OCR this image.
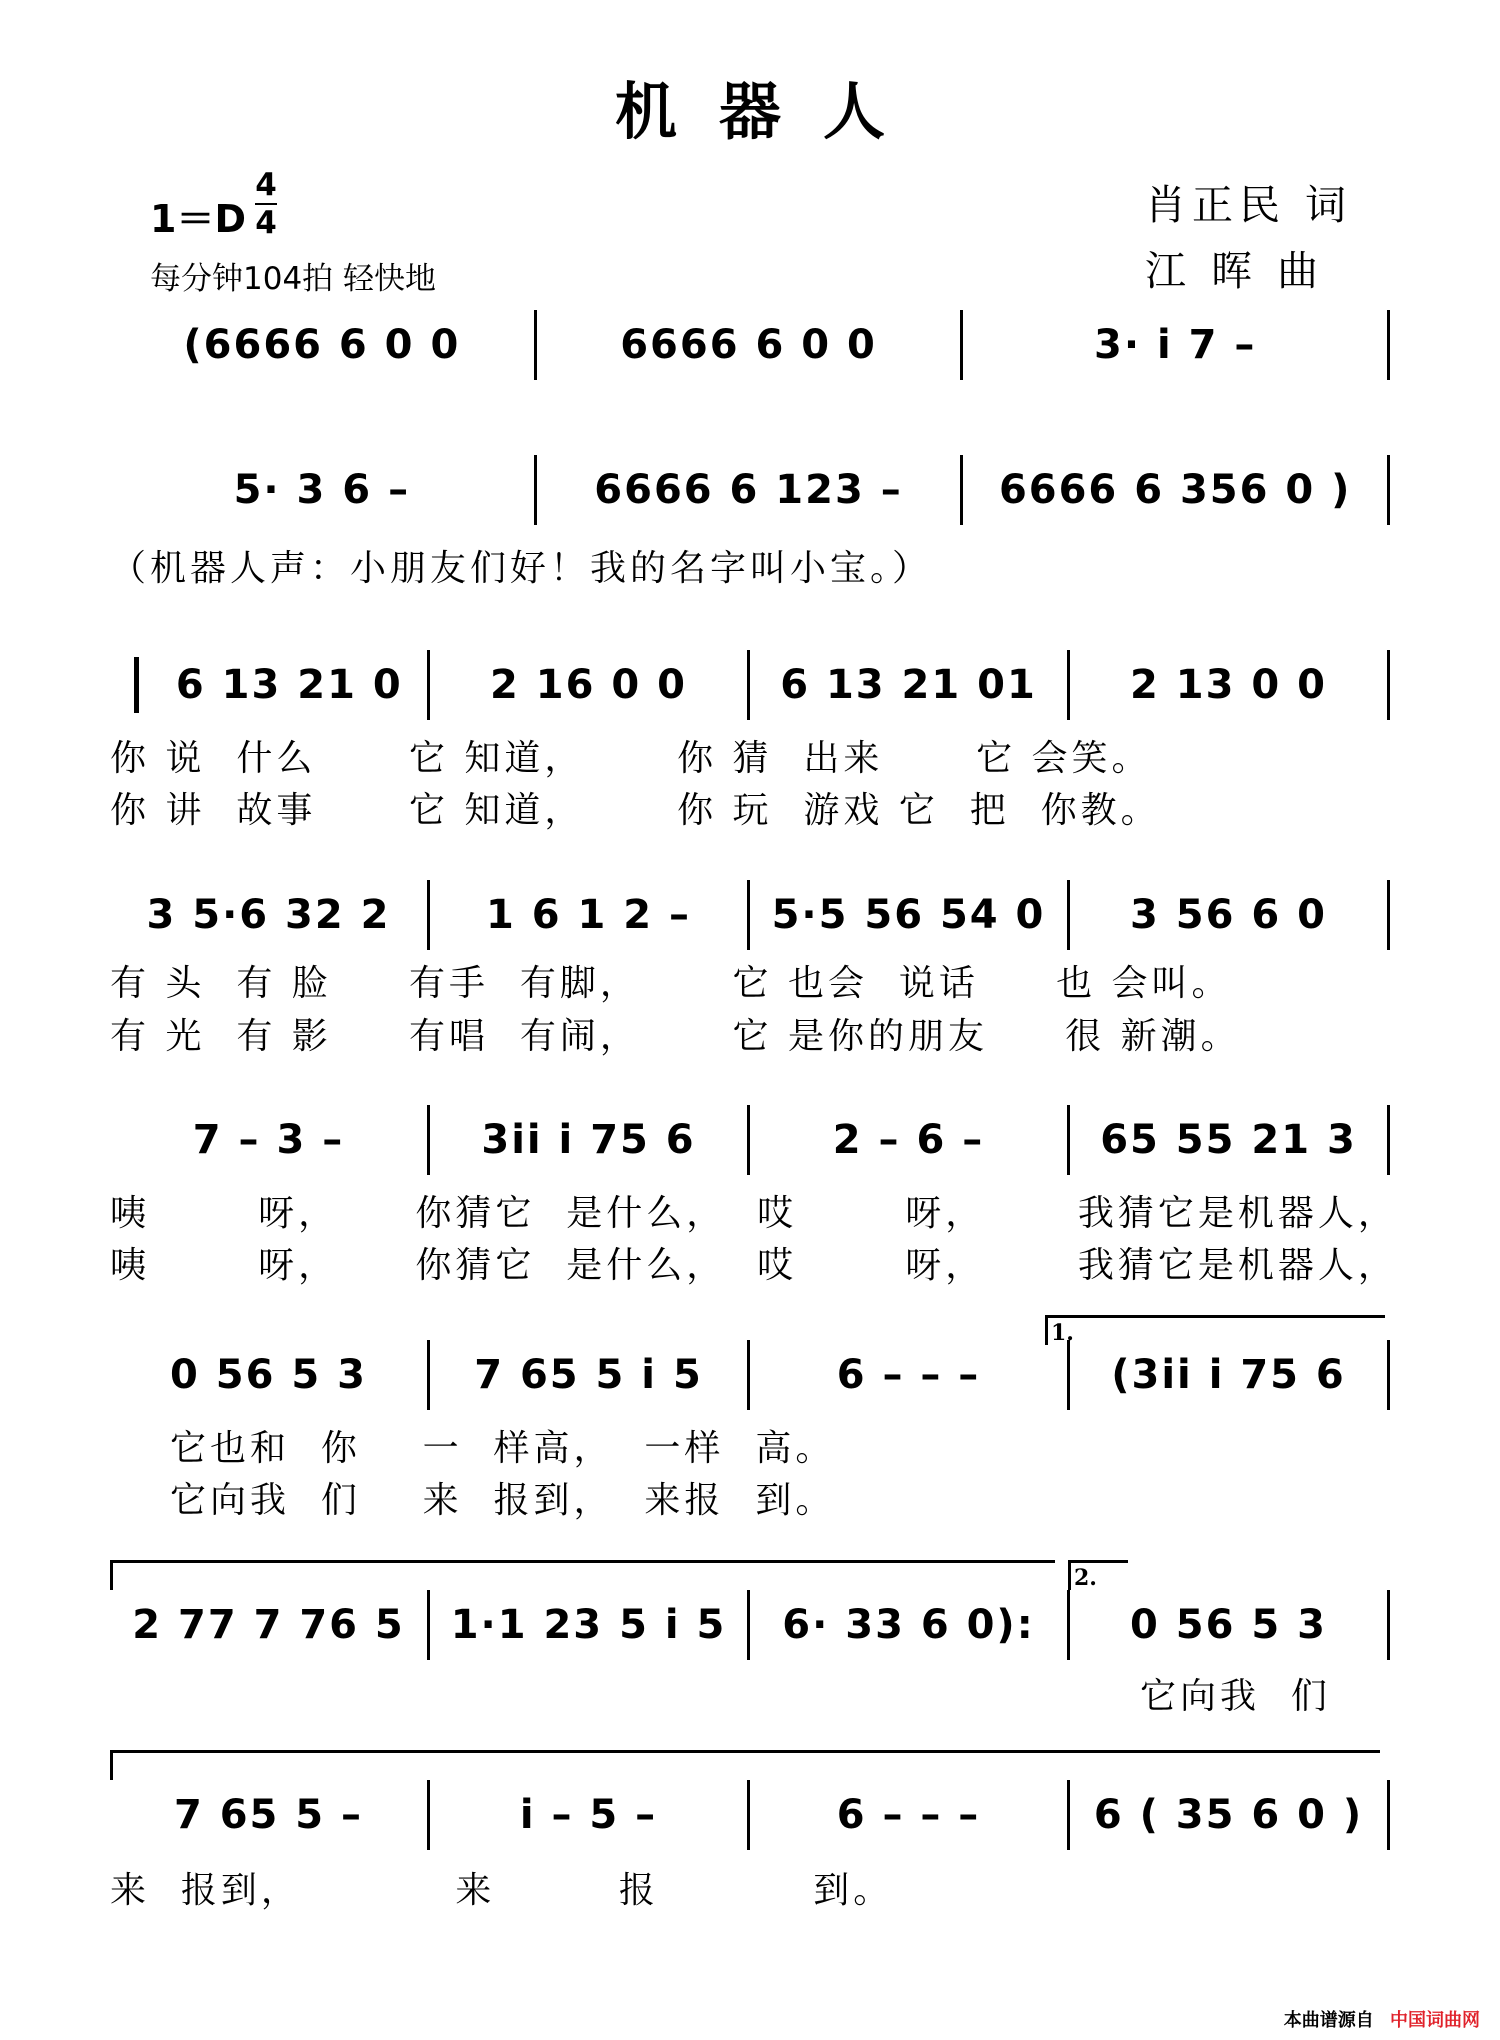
机器人
1＝D
4
4
每分钟104拍 轻快地
肖正民 词
江 晖 曲
(6666 6 0 0	6666 6 0 0	3· i 7 –
5· 3 6 –	6666 6 123 –	6666 6 356 0 )
（机器人声：小朋友们好！我的名字叫小宝。）
6 13 21 0	2 16 0 0	6 13 21 01	2 13 0 0
你 说  什么      它 知道，      你 猜  出来      它 会笑。
你 讲  故事      它 知道，      你 玩  游戏 它  把  你教。
3 5·6 32 2	1 6 1 2 –	5·5 56 54 0	3 56 6 0
有 头  有 脸     有手  有脚，      它 也会  说话     也 会叫。
有 光  有 影     有唱  有闹，      它 是你的朋友     很 新潮。
7 – 3 –	3ii i 75 6	2 – 6 –	65 55 21 3
咦       呀，     你猜它  是什么，  哎       呀，      我猜它是机器人，
咦       呀，     你猜它  是什么，  哎       呀，      我猜它是机器人，
1.
0 56 5 3	7 65 5 i 5	6 – – –	(3ii i 75 6
它也和  你    一  样高，  一样  高。
它向我  们    来  报到，  来报  到。
2.
2 77 7 76 5	1·1 23 5 i 5	6· 33 6 0):	0 56 5 3
它向我  们
7 65 5 –	i – 5 –	6 – – –	6 ( 35 6 0 )
来  报到，          来        报          到。
本曲谱源自 中国词曲网
